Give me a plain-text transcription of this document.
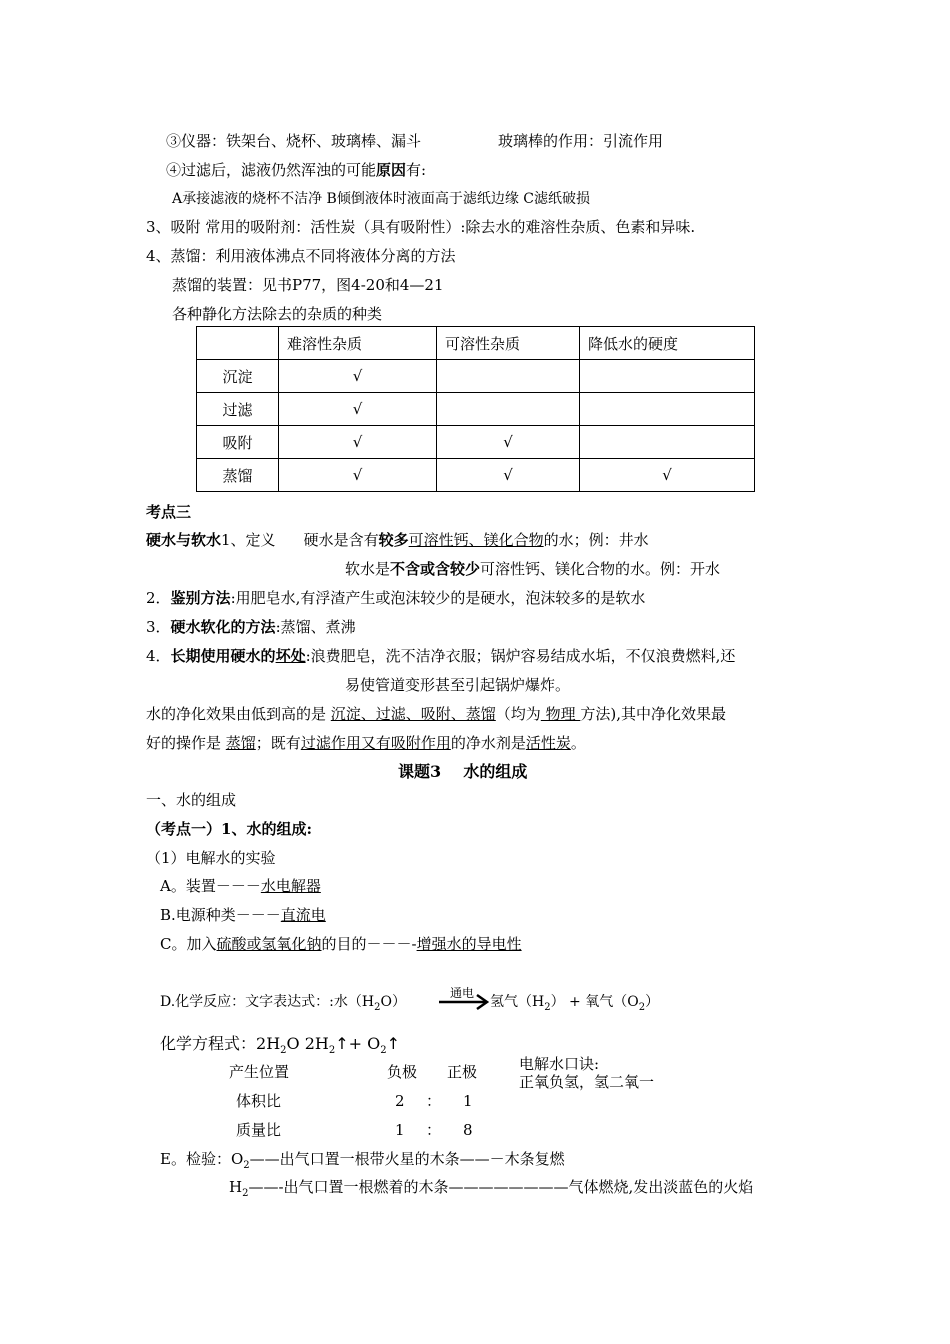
③仪器：铁架台、烧杯、玻璃棒、漏斗	玻璃棒的作用：引流作用
④过滤后，滤液仍然浑浊的可能原因有:
A承接滤液的烧杯不洁净 B倾倒液体时液面高于滤纸边缘 C滤纸破损
3、吸附 常用的吸附剂：活性炭（具有吸附性）:除去水的难溶性杂质、色素和异味.
4、蒸馏：利用液体沸点不同将液体分离的方法
蒸馏的装置：见书P77，图4-20和4—21
各种静化方法除去的杂质的种类
	难溶性杂质	可溶性杂质	降低水的硬度
沉淀	√		
过滤	√		
吸附	√	√	
蒸馏	√	√	√
考点三
硬水与软水1、定义 硬水是含有较多可溶性钙、镁化合物的水；例：井水
软水是不含或含较少可溶性钙、镁化合物的水。例：开水
2．鉴别方法:用肥皂水,有浮渣产生或泡沫较少的是硬水，泡沫较多的是软水
3．硬水软化的方法:蒸馏、煮沸
4．长期使用硬水的坏处:浪费肥皂，洗不洁净衣服；锅炉容易结成水垢，不仅浪费燃料,还
易使管道变形甚至引起锅炉爆炸。
水的净化效果由低到高的是 沉淀、过滤、吸附、蒸馏（均为 物理 方法),其中净化效果最
好的操作是 蒸馏；既有过滤作用又有吸附作用的净水剂是活性炭。
课题3    水的组成
一、水的组成
（考点一）1、水的组成:
（1）电解水的实验
A。装置－－－水电解器
B.电源种类－－－直流电
C。加入硫酸或氢氧化钠的目的－－－-增强水的导电性
D.化学反应：文字表达式：:水$(H_2O)$
通电
→ 氢气$(H_2)$ + 氧气$(O_2)$
化学方程式：$2H_2O$ $2H_2↑+$ $O_2↑$
电解水口诀:
正氧负氢，氢二氧一
产生位置	负极 正极
体积比	2 ： 1
质量比	1 ： 8
E。检验：$O_2——$出气口置一根带火星的木条——－木条复燃
$H_2——-$出气口置一根燃着的木条————————气体燃烧,发出淡蓝色的火焰
